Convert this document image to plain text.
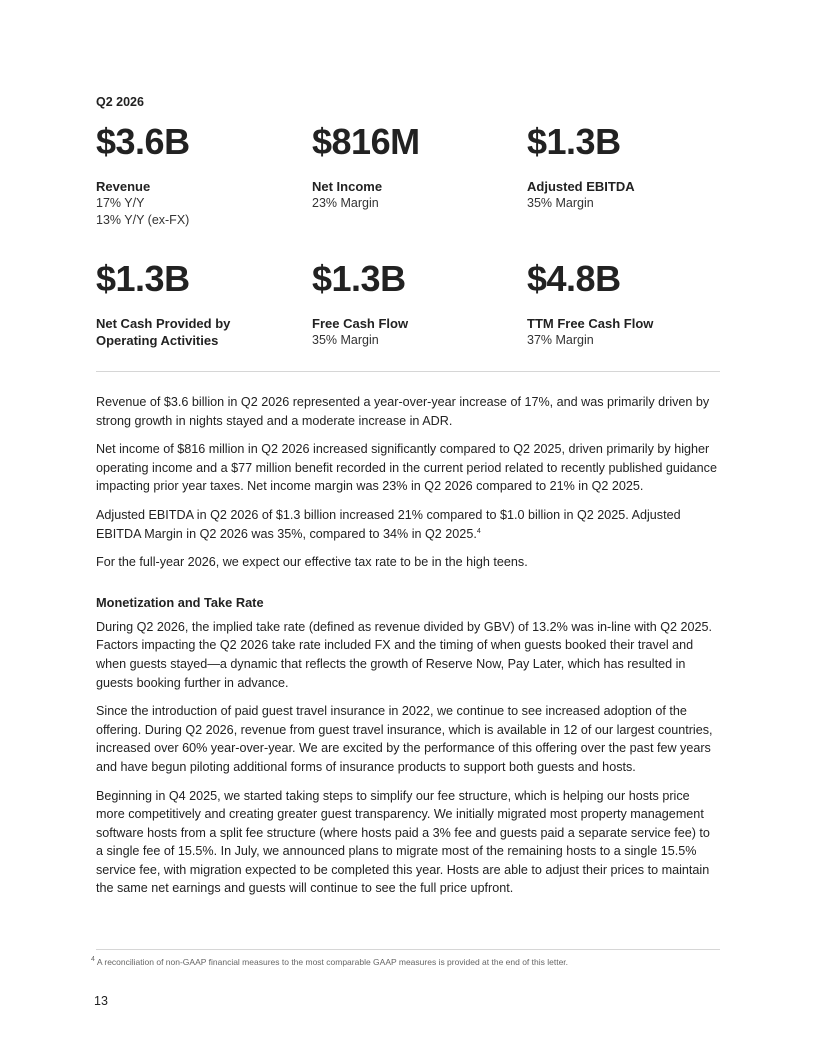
Q2 2026
$3.6B
Revenue
17% Y/Y
13% Y/Y (ex-FX)
$816M
Net Income
23% Margin
$1.3B
Adjusted EBITDA
35% Margin
$1.3B
Net Cash Provided by Operating Activities
$1.3B
Free Cash Flow
35% Margin
$4.8B
TTM Free Cash Flow
37% Margin

Revenue of $3.6 billion in Q2 2026 represented a year-over-year increase of 17%, and was primarily driven by strong growth in nights stayed and a moderate increase in ADR.

Net income of $816 million in Q2 2026 increased significantly compared to Q2 2025, driven primarily by higher operating income and a $77 million benefit recorded in the current period related to recently published guidance impacting prior year taxes. Net income margin was 23% in Q2 2026 compared to 21% in Q2 2025.

Adjusted EBITDA in Q2 2026 of $1.3 billion increased 21% compared to $1.0 billion in Q2 2025. Adjusted EBITDA Margin in Q2 2026 was 35%, compared to 34% in Q2 2025.$^4$

For the full-year 2026, we expect our effective tax rate to be in the high teens.

Monetization and Take Rate

During Q2 2026, the implied take rate (defined as revenue divided by GBV) of 13.2% was in-line with Q2 2025. Factors impacting the Q2 2026 take rate included FX and the timing of when guests booked their travel and when guests stayed—a dynamic that reflects the growth of Reserve Now, Pay Later, which has resulted in guests booking further in advance.

Since the introduction of paid guest travel insurance in 2022, we continue to see increased adoption of the offering. During Q2 2026, revenue from guest travel insurance, which is available in 12 of our largest countries, increased over 60% year-over-year. We are excited by the performance of this offering over the past few years and have begun piloting additional forms of insurance products to support both guests and hosts.

Beginning in Q4 2025, we started taking steps to simplify our fee structure, which is helping our hosts price more competitively and creating greater guest transparency. We initially migrated most property management software hosts from a split fee structure (where hosts paid a 3% fee and guests paid a separate service fee) to a single fee of 15.5%. In July, we announced plans to migrate most of the remaining hosts to a single 15.5% service fee, with migration expected to be completed this year. Hosts are able to adjust their prices to maintain the same net earnings and guests will continue to see the full price upfront.

$^4$ A reconciliation of non-GAAP financial measures to the most comparable GAAP measures is provided at the end of this letter.
13
